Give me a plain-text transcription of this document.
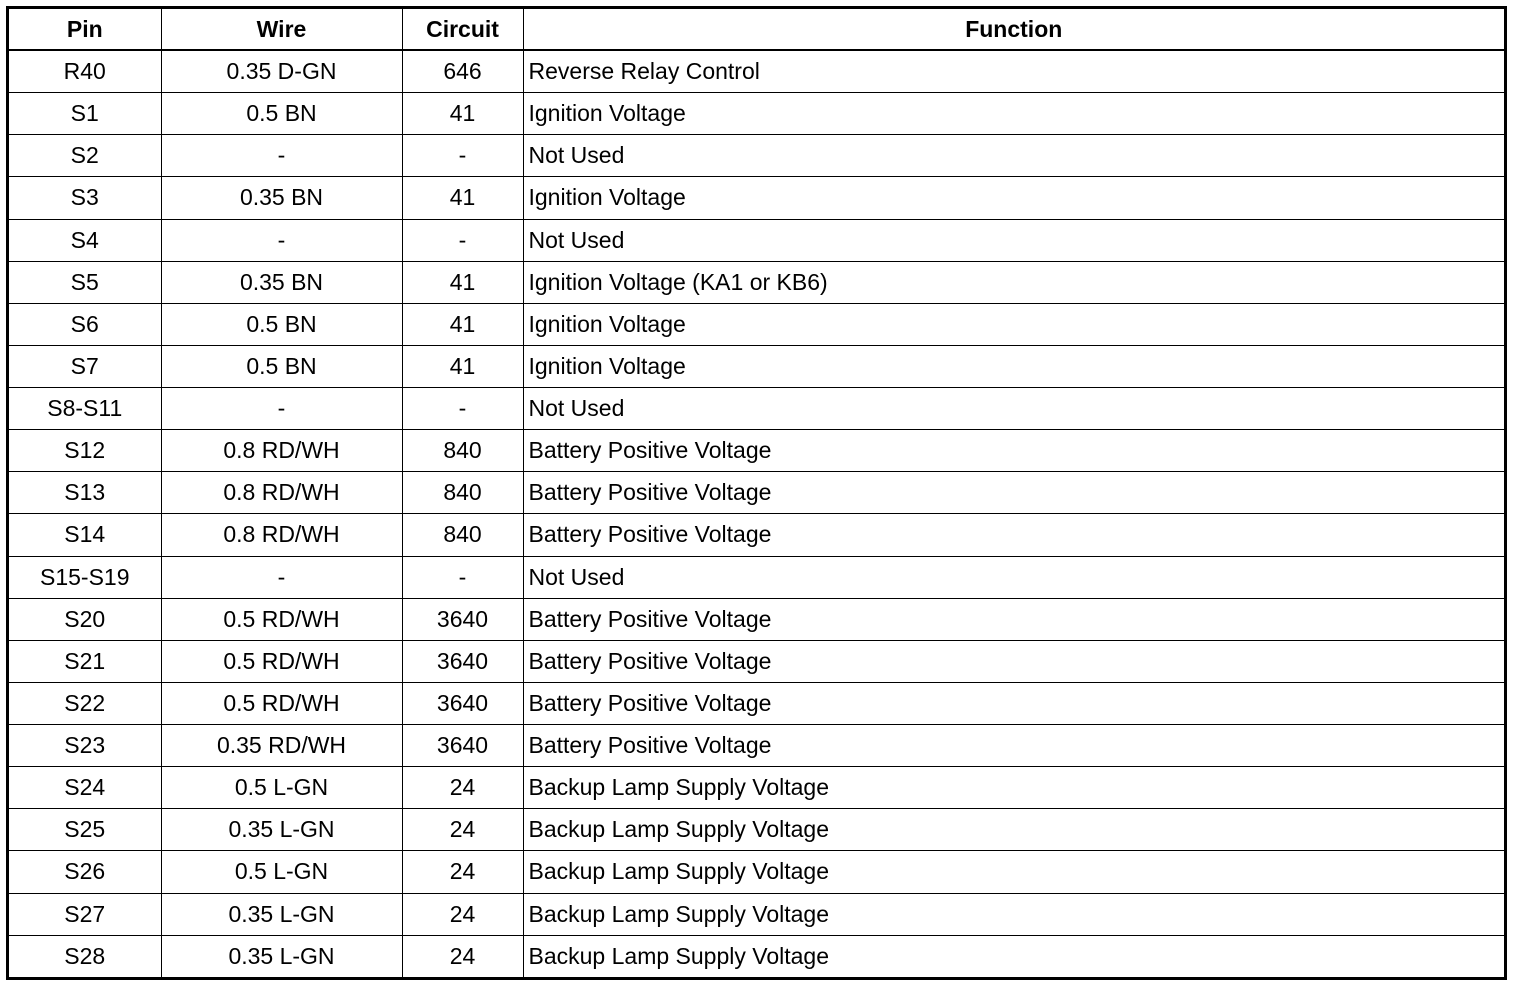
Pin	Wire	Circuit	Function
R40	0.35 D-GN	646	Reverse Relay Control
S1	0.5 BN	41	Ignition Voltage
S2	-	-	Not Used
S3	0.35 BN	41	Ignition Voltage
S4	-	-	Not Used
S5	0.35 BN	41	Ignition Voltage (KA1 or KB6)
S6	0.5 BN	41	Ignition Voltage
S7	0.5 BN	41	Ignition Voltage
S8-S11	-	-	Not Used
S12	0.8 RD/WH	840	Battery Positive Voltage
S13	0.8 RD/WH	840	Battery Positive Voltage
S14	0.8 RD/WH	840	Battery Positive Voltage
S15-S19	-	-	Not Used
S20	0.5 RD/WH	3640	Battery Positive Voltage
S21	0.5 RD/WH	3640	Battery Positive Voltage
S22	0.5 RD/WH	3640	Battery Positive Voltage
S23	0.35 RD/WH	3640	Battery Positive Voltage
S24	0.5 L-GN	24	Backup Lamp Supply Voltage
S25	0.35 L-GN	24	Backup Lamp Supply Voltage
S26	0.5 L-GN	24	Backup Lamp Supply Voltage
S27	0.35 L-GN	24	Backup Lamp Supply Voltage
S28	0.35 L-GN	24	Backup Lamp Supply Voltage
